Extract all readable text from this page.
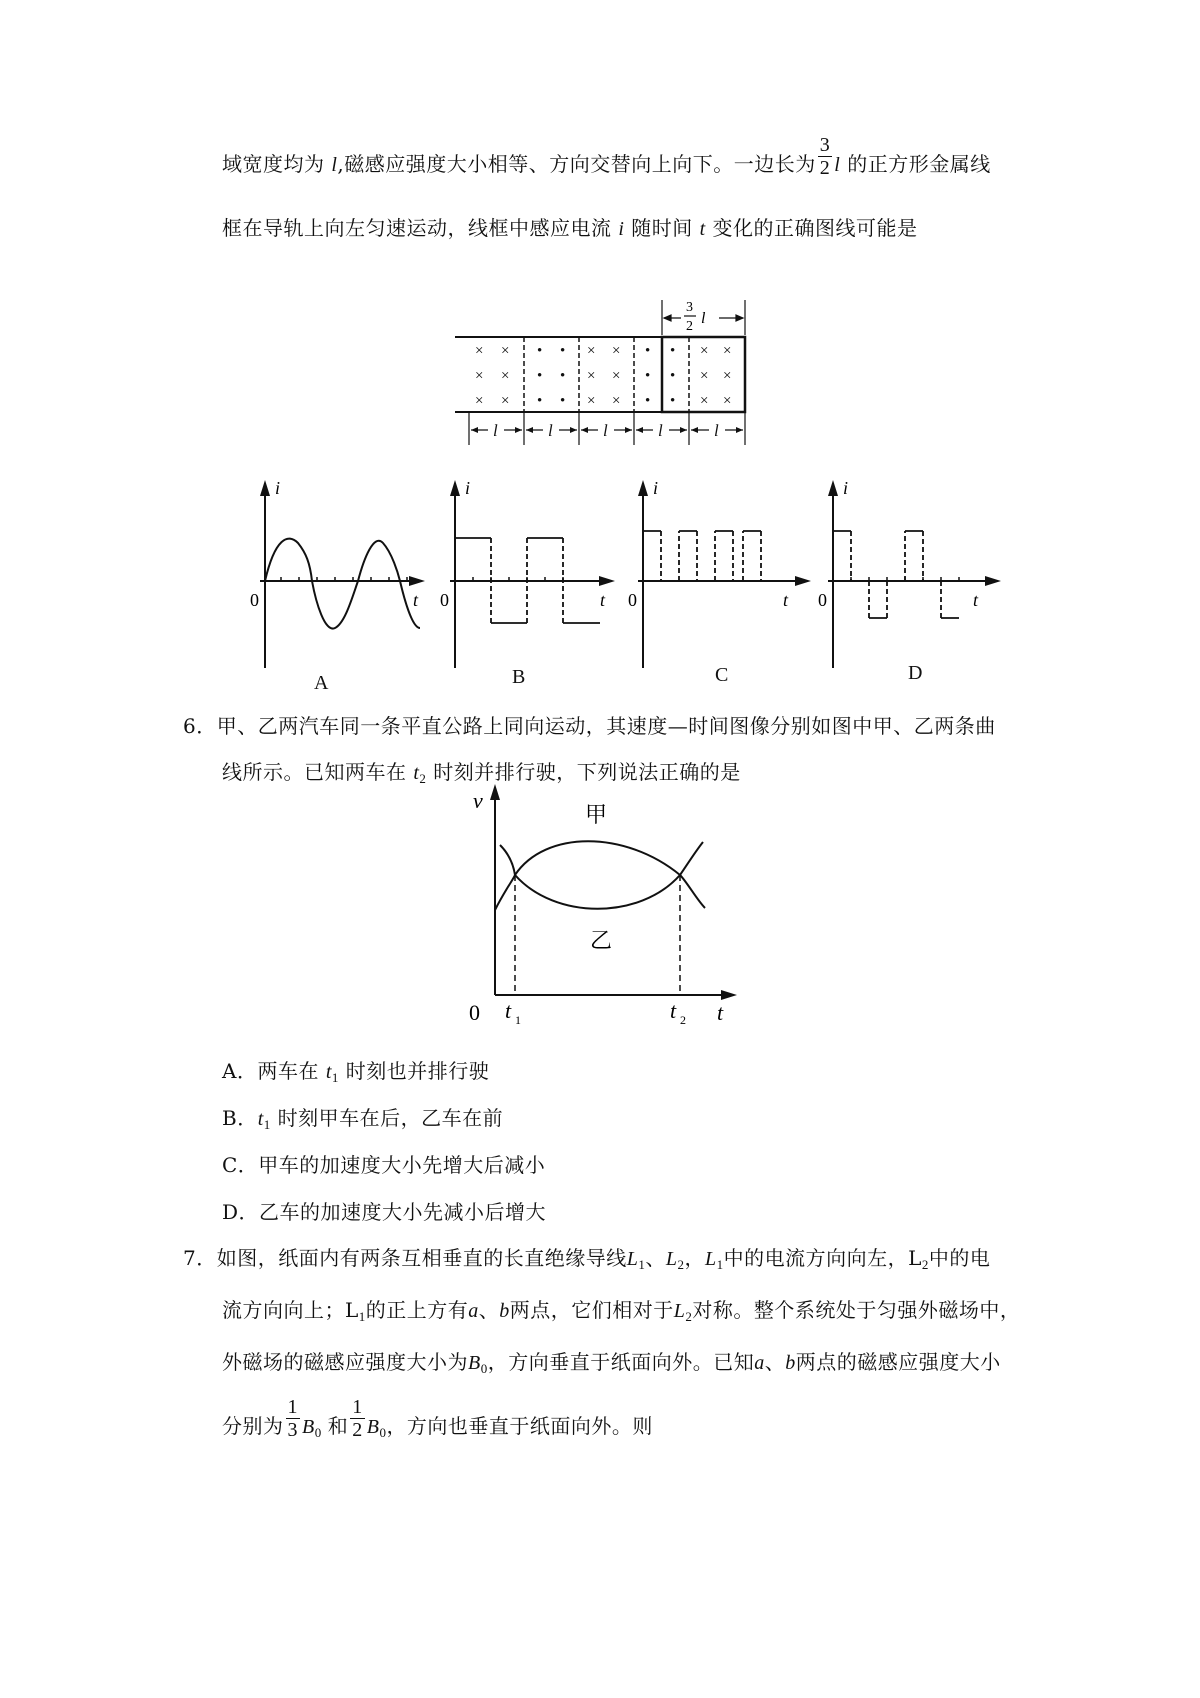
域宽度均为 l,磁感应强度大小相等、方向交替向上向下。一边长为 $\frac{3}{2}$ l 的正方形金属线
框在导轨上向左匀速运动，线框中感应电流 i 随时间 t 变化的正确图线可能是
× ×
× ×
× ×
• •
• •
• •
× ×
× ×
× ×
• •
• •
• •
× ×
× ×
× ×
3
2 l
l	l	l	l	l
i
t
0
A
i
t
0
B
i
t
0
C
i
t
0
D
6．甲、乙两汽车同一条平直公路上同向运动，其速度—时间图像分别如图中甲、乙两条曲
线所示。已知两车在 $t_2$ 时刻并排行驶，下列说法正确的是
v
t
0
甲
乙
t 1	t 2
A．两车在 $t_1$ 时刻也并排行驶
B．$t_1$ 时刻甲车在后，乙车在前
C．甲车的加速度大小先增大后减小
D．乙车的加速度大小先减小后增大
7．如图，纸面内有两条互相垂直的长直绝缘导线$L_1$、$L_2$，$L_1$中的电流方向向左，$L_2$中的电
流方向向上；$L_1$的正上方有a、b两点，它们相对于$L_2$对称。整个系统处于匀强外磁场中，
外磁场的磁感应强度大小为$B_0$，方向垂直于纸面向外。已知a、b两点的磁感应强度大小
分别为 $\frac{1}{3} B_0$ 和 $\frac{1}{2} B_0$，方向也垂直于纸面向外。则
